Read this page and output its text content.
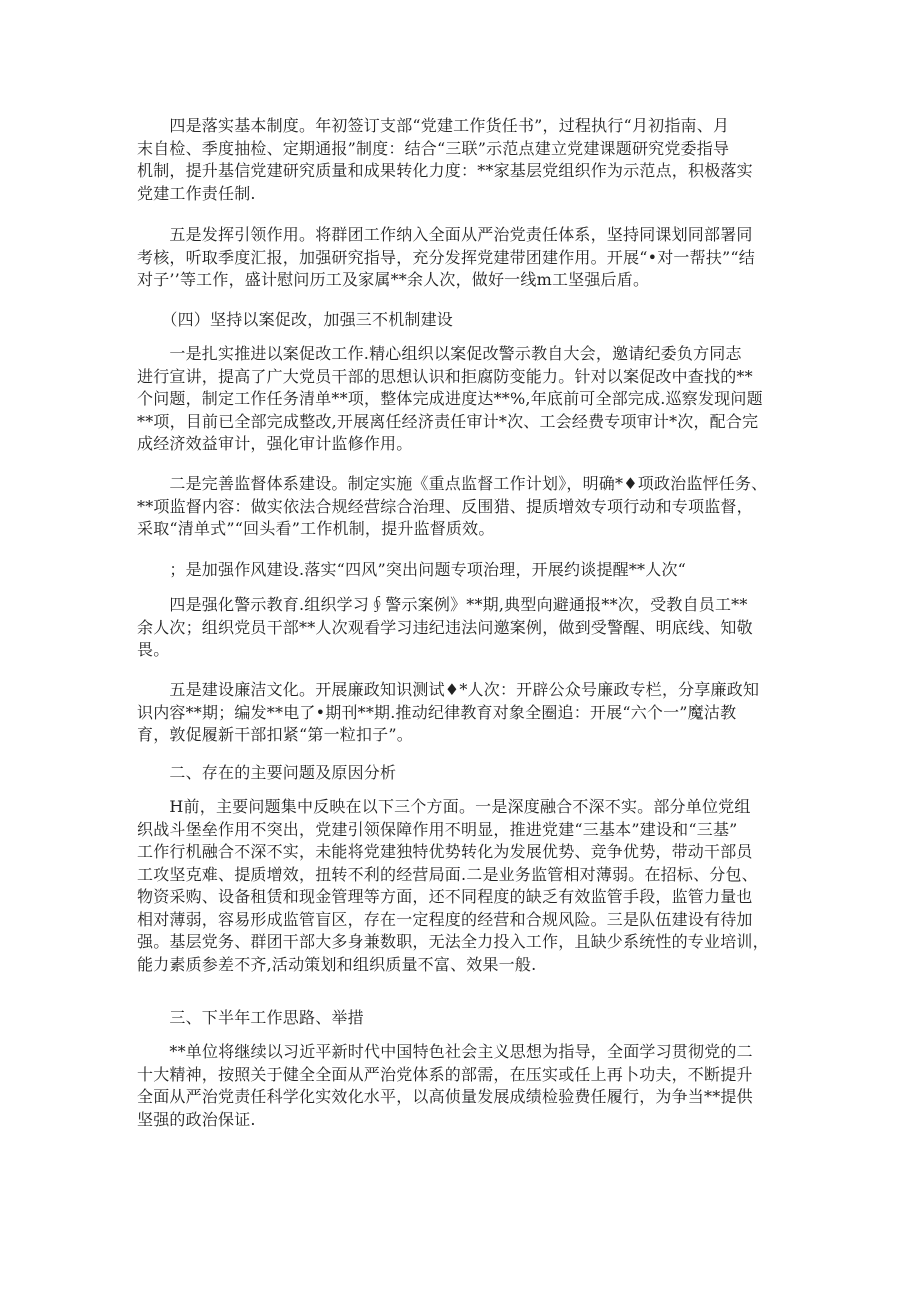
　　四是落实基本制度。年初签订支部“党建工作货任书”，过程执行“月初指南、月
末自检、季度抽检、定期通报”制度：结合“三联”示范点建立党建课题研究党委指导
机制，提升基信党建研究质量和成果转化力度：**家基层党组织作为示范点，积极落实
党建工作责任制.
　　五是发挥引领作用。将群团工作纳入全面从严治党责任体系，坚持同课划同部署同
考核，听取季度汇报，加强研究指导，充分发挥党建带团建作用。开展“•对一帮扶”“结
对子’’等工作，盛计慰问历工及家属**余人次，做好一线m工坚强后盾。
　　（四）坚持以案促改，加强三不机制建设
　　一是扎实推进以案促改工作.精心组织以案促改警示教自大会，邀请纪委负方同志
进行宣讲，提高了广大党员干部的思想认识和拒腐防变能力。针对以案促改中查找的**
个问题，制定工作任务清单**项，整体完成进度达**%,年底前可全部完成.巡察发现问题
**项，目前已全部完成整改,开展离任经济责任审计*次、工会经费专项审计*次，配合完
成经济效益审计，强化审计监修作用。
　　二是完善监督体系建设。制定实施《重点监督工作计划》，明确*♦项政治监怦任务、
**项监督内容：做实依法合规经营综合治理、反围猎、提质增效专项行动和专项监督，
采取“清单式”“回头看”工作机制，提升监督质效。
　　；是加强作风建设.落实“四风”突出问题专项治理，开展约谈提醒**人次“
　　四是强化警示教育.组织学习∮警示案例》**期,典型向避通报**次，受教自员工**
余人次；组织党员干部**人次观看学习违纪违法问邀案例，做到受警醒、明底线、知敬
畏。
　　五是建设廉洁文化。开展廉政知识测试♦*人次：开辟公众号廉政专栏，分享廉政知
识内容**期；编发**电了•期刊**期.推动纪律教育对象全圈追：开展“六个一”魔沽教
育，敦促履新干部扣紧“第一粒扣子”。
　　二、存在的主要问题及原因分析
　　H前，主要问题集中反映在以下三个方面。一是深度融合不深不实。部分单位党组
织战斗堡垒作用不突出，党建引领保障作用不明显，推进党建“三基本”建设和“三基”
工作行机融合不深不实，未能将党建独特优势转化为发展优势、竞争优势，带动干部员
工攻坚克难、提质增效，扭转不利的经营局面.二是业务监管相对薄弱。在招标、分包、
物资采购、设备租赁和现金管理等方面，还不同程度的缺乏有效监管手段，监管力量也
相对薄弱，容易形成监管盲区，存在一定程度的经营和合规风险。三是队伍建设有待加
强。基层党务、群团干部大多身兼数职，无法全力投入工作，且缺少系统性的专业培训，
能力素质参差不齐,活动策划和组织质量不富、效果一般.
　　三、下半年工作思路、举措
　　**单位将继续以习近平新时代中国特色社会主义思想为指导，全面学习贯彻党的二
十大精神，按照关于健全全面从严治党体系的部需，在压实或任上再卜功夫，不断提升
全面从严治党责任科学化实效化水平，以高侦量发展成绩检验费任履行，为争当**提供
坚强的政治保证.
